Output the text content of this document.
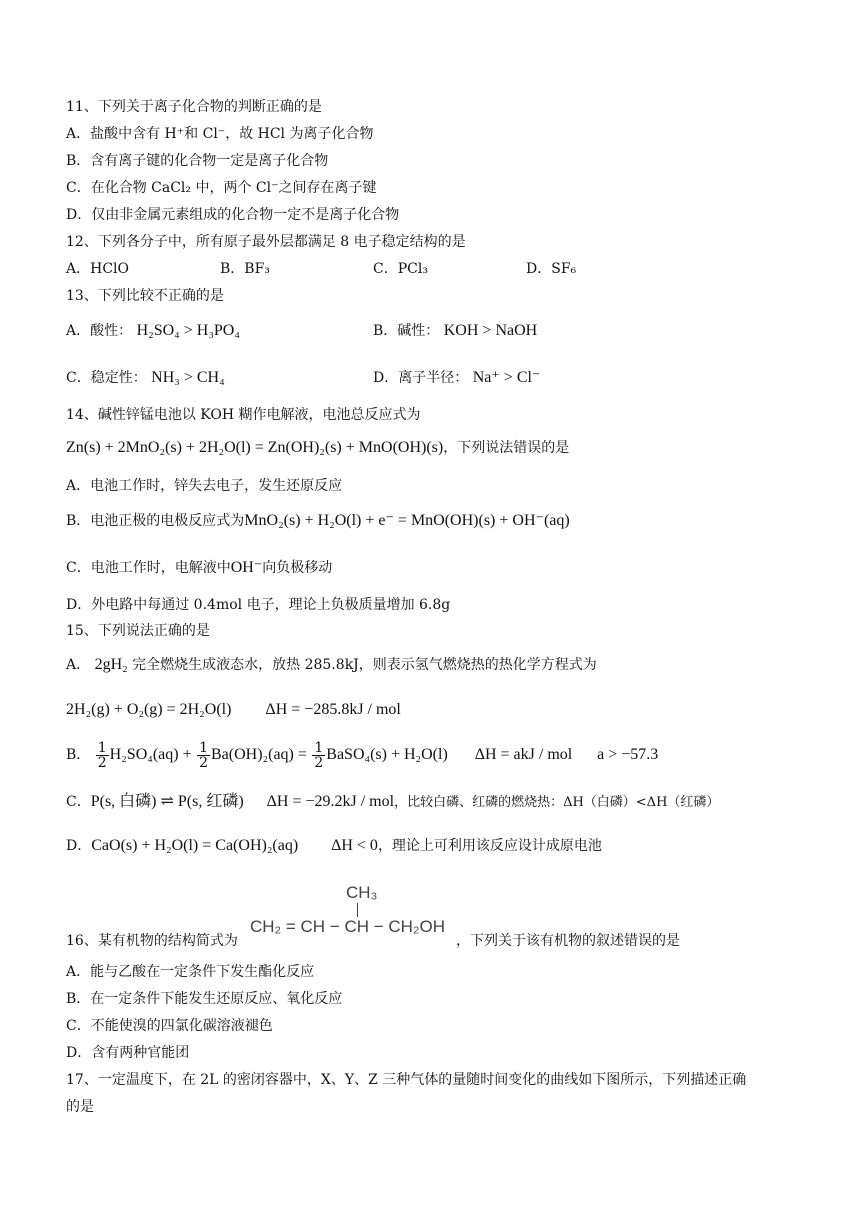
11、下列关于离子化合物的判断正确的是
A．盐酸中含有 H⁺和 Cl⁻，故 HCl 为离子化合物
B．含有离子键的化合物一定是离子化合物
C．在化合物 CaCl₂ 中，两个 Cl⁻之间存在离子键
D．仅由非金属元素组成的化合物一定不是离子化合物
12、下列各分子中，所有原子最外层都满足 8 电子稳定结构的是
A．HClO	B．BF₃	C．PCl₃	D．SF₆
13、下列比较不正确的是
A．酸性： H₂SO₄ > H₃PO₄	B．碱性： KOH > NaOH
C．稳定性： NH₃ > CH₄	D．离子半径： Na⁺ > Cl⁻
14、碱性锌锰电池以 KOH 糊作电解液，电池总反应式为
Zn(s) + 2MnO₂(s) + 2H₂O(l) = Zn(OH)₂(s) + MnO(OH)(s)，下列说法错误的是
A．电池工作时，锌失去电子，发生还原反应
B．电池正极的电极反应式为MnO₂(s) + H₂O(l) + e⁻ = MnO(OH)(s) + OH⁻(aq)
C．电池工作时，电解液中OH⁻向负极移动
D．外电路中每通过 0.4mol 电子，理论上负极质量增加 6.8g
15、下列说法正确的是
A． 2gH₂ 完全燃烧生成液态水，放热 285.8kJ，则表示氢气燃烧热的热化学方程式为
2H₂(g) + O₂(g) = 2H₂O(l) ΔH = −285.8kJ / mol
B． $\frac{1}{2} H_2SO_4(aq) + \frac{1}{2} Ba(OH)_2(aq) = \frac{1}{2}$ BaSO₄(s) + H₂O(l) ΔH = akJ / mol a > −57.3
C．P(s, 白磷) ⇌ P(s, 红磷) ΔH = −29.2kJ / mol，比较白磷、红磷的燃烧热：ΔH（白磷）<ΔH（红磷）
D．CaO(s) + H₂O(l) = Ca(OH)₂(aq) ΔH < 0，理论上可利用该反应设计成原电池
16、某有机物的结构简式为
CH₃
CH₂ = CH − CH − CH₂OH
，下列关于该有机物的叙述错误的是
A．能与乙酸在一定条件下发生酯化反应
B．在一定条件下能发生还原反应、氧化反应
C．不能使溴的四氯化碳溶液褪色
D．含有两种官能团
17、一定温度下，在 2L 的密闭容器中，X、Y、Z 三种气体的量随时间变化的曲线如下图所示，下列描述正确
的是
